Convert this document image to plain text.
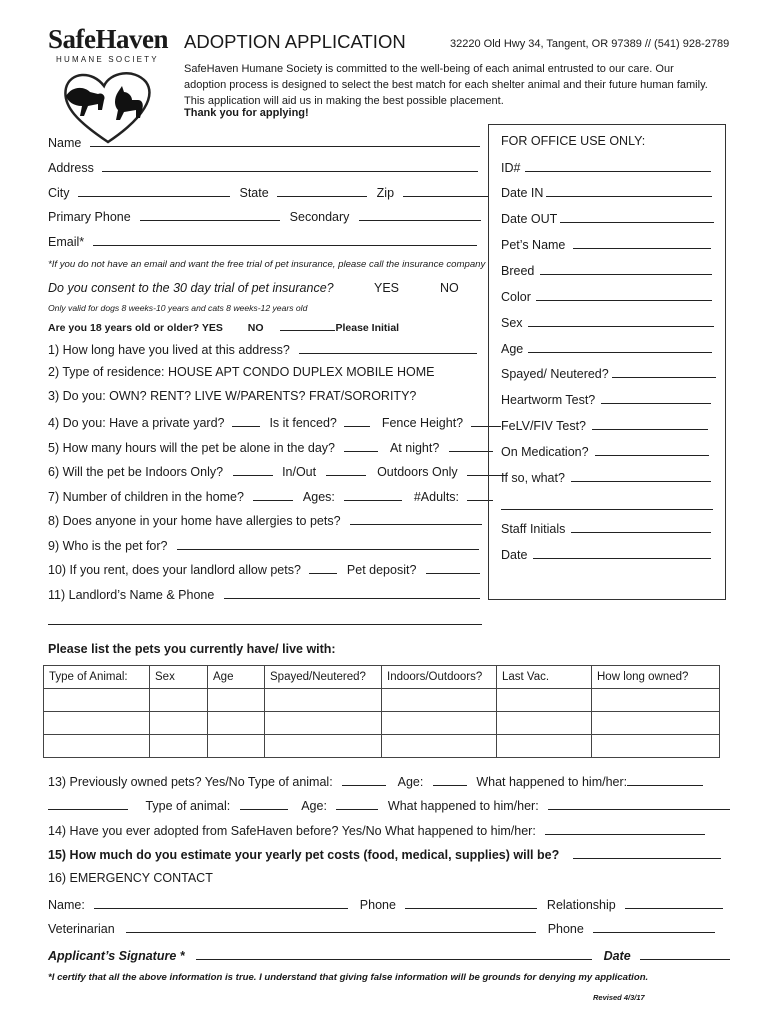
SafeHaven
HUMANE SOCIETY
ADOPTION APPLICATION	32220 Old Hwy 34, Tangent, OR 97389 // (541) 928-2789
SafeHaven Humane Society is committed to the well-being of each animal entrusted to our care. Our adoption process is designed to select the best match for each shelter animal and their future human family. This application will aid us in making the best possible placement.
Thank you for applying!
Name
Address
City	State	Zip
Primary Phone	Secondary
Email*
*If you do not have an email and want the free trial of pet insurance, please call the insurance company
Do you consent to the 30 day trial of pet insurance?	YES	NO
Only valid for dogs 8 weeks-10 years and cats 8 weeks-12 years old
Are you 18 years old or older? YES NO	Please Initial
1) How long have you lived at this address?
2) Type of residence: HOUSE APT CONDO DUPLEX MOBILE HOME
3) Do you: OWN? RENT? LIVE W/PARENTS? FRAT/SORORITY?
4) Do you: Have a private yard?	Is it fenced?	Fence Height?
5) How many hours will the pet be alone in the day?	At night?
6) Will the pet be Indoors Only?	In/Out	Outdoors Only
7) Number of children in the home?	Ages:	#Adults:
8) Does anyone in your home have allergies to pets?
9) Who is the pet for?
10) If you rent, does your landlord allow pets?	Pet deposit?
11) Landlord’s Name & Phone
FOR OFFICE USE ONLY:
ID#
Date IN
Date OUT
Pet’s Name
Breed
Color
Sex
Age
Spayed/ Neutered?
Heartworm Test?
FeLV/FIV Test?
On Medication?
If so, what?
Staff Initials
Date
Please list the pets you currently have/ live with:
Type of Animal:	Sex	Age	Spayed/Neutered?	Indoors/Outdoors?	Last Vac.	How long owned?

13) Previously owned pets? Yes/No Type of animal:	Age:	What happened to him/her:
Type of animal:	Age:	What happened to him/her:
14) Have you ever adopted from SafeHaven before? Yes/No What happened to him/her:
15) How much do you estimate your yearly pet costs (food, medical, supplies) will be?
16) EMERGENCY CONTACT
Name:	Phone	Relationship
Veterinarian	Phone
Applicant’s Signature *	Date
*I certify that all the above information is true. I understand that giving false information will be grounds for denying my application.
Revised 4/3/17
